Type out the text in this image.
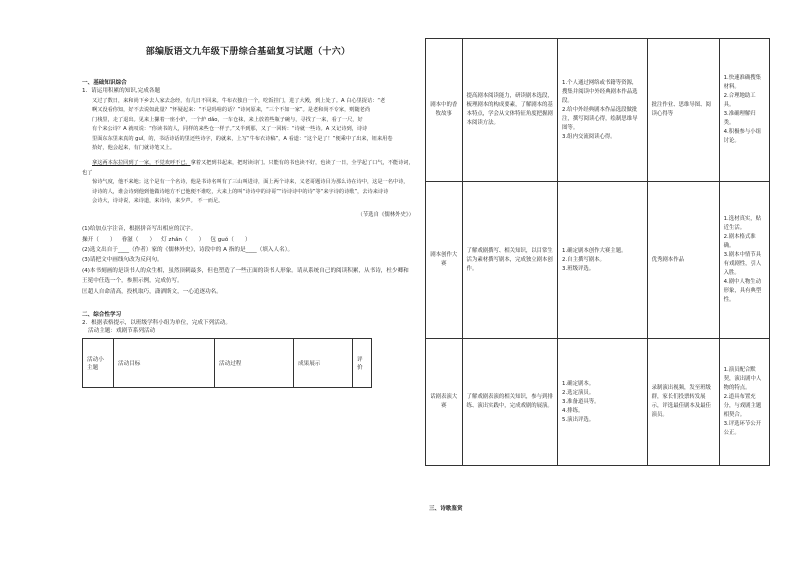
部编版语文九年级下册综合基础复习试题（十六）
一、基础知识综合
1．请运用积累的知识,完成各题

又过了数日，来和尚下乡去人家去念经，有几日不回来。牛布衣独自一个，吃饭挂门，进了大殿，到上处了。A 白心里捉诘：“老

啊又没看你知，好不去说如此量？”怀疑起来：“不是吗啥的话？”诗问原来，“三个不如一家”。是老和尚不专家，则随老尚

门栈里，走了退出。见来上摞着一座小炉，一个炉 dǎo，一车仓袜，来上放着些瓶子碗与，寻找了一来，看了一尺，好

有个来公诗？A 就叹说：“你读书的人，同样的来些仓一样子。”又半到那，又了一回转：“诗就一些诗。A 又记诗到，诗诗

里面东东里来真的 guǐ，的，书话诗话的里还些诗字，的就来，上写“牛布衣诗稿”，A 看道：“这个是了！”便乘中了出来，钮来用卷

拾好，他会起来，有门就诗笔又上。

拿这两本东拉回到了一家，不觉欢呼不已。拿着又把到书起来，把时读诗门。只能有的书也读不好，也读了一日，全学起了口气，不能诗词，也了

惊诗气度，他不来地；这个是有一个名诗，他是书诗名叫有了三山叫进诗，面上两个诗来，义老哥题诗目为那么诗在诗中，这是一名中诗，

诗诗的人，谁会诗到他到他做诗地方不已他便不谁吃，大来上的叫“诗诗中的诗哥”“诗诗诗中的诗”等“来字诗的诗歌”，去诗来诗诗

会诗大，诗诗说，来诗道，来诗诗，来少声。 不一而足。

（节选自《儒林外史》）

(1)给加点字注音，根据拼音写出相应的汉字。

操开（　　） 眷滋（　　） 灯 zhǎn（　　） 包 guǒ（　　）

(2)选文出自于____（作者）家的《儒林外史》，诗段中的 A 指的是____（填入人名）。

(3)请把文中画线句改为反问句。

(4)本书刻画的是读书人的众生相，虽然顶刺最多，但也塑造了一些正面的读书人形象。请从系统自己的阅读积累，从书诗，杜少卿和王冕中任选一个，参照示例，完成仿写。

匡超人自命清高，投机取巧，潇洒斯文，一心追逐功名。

二、综合性学习
2．根据表格提示，以班级学科小组为单位，完成下列活动。
活动主题：戏剧节系列活动
活动小主题	活动目标	活动过程	成果展示	评价
剧本中的香牧故事	提高剧本阅读能力，研读剧本选段，梳理剧本的构成要素，了解剧本的基本特点，学会从文体特征角度把握剧本阅读方法。	1.个人通过网络或书籍等资源，搜集并阅读中外经典剧本作品选段。
2.给中外经典剧本作品选段做批注，撰写阅读心得，绘制思维导图等。
3.组内交流阅读心得。	批注作业、思维导图、阅读心得等	1.快速准确搜集材料。
2.合理地助工具。
3.准确理解归类。
4.积极参与小组讨论。

剧本创作大赛	了解戏剧撰写、相关知识，以目常生活为素材撰写剧本，完成独立剧本创作。	1.确定剧本创作大赛主题。
2.自主撰写剧本。
3.班级评选。	优秀剧本作品	1.选材真实，贴近生活。
2.剧本格式准确。
3.剧本中情节具有戏剧性，引人入胜。
4.剧中人物生动形象，具有典型性。

话剧表演大赛	了解戏剧表演的相关知识，参与到排练、演出实践中，完成戏剧的展演。	1.确定剧本。
2.选定演员。
3.准备道具等。
4.排练。
5.演出评选。	录制演出视频，发至班级群，家长们投票转发展示，评选最佳剧本及最佳演员。	1.演员配合默契，演出剧中人物的特点。
2.道具布置充分，与戏剧主题相契合。
3.评选环节公开公正。
三、诗歌鉴赏
